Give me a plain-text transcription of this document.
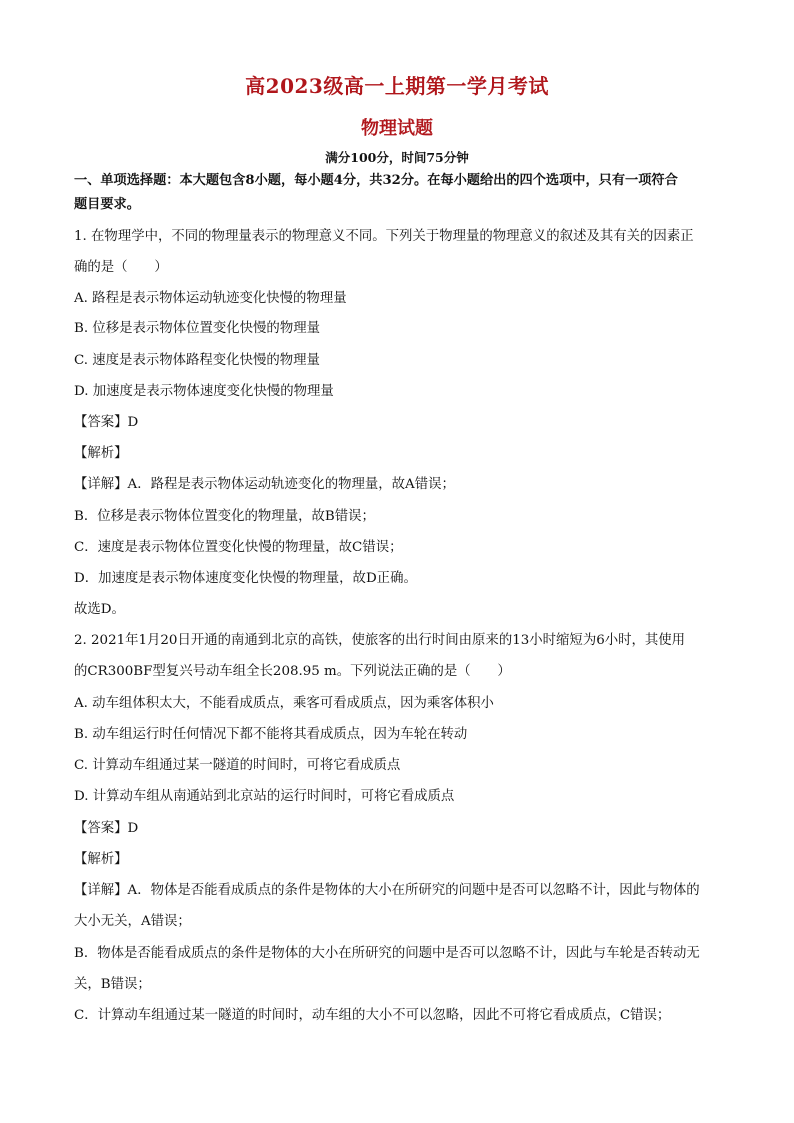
高2023级高一上期第一学月考试
物理试题
满分100分，时间75分钟
一、单项选择题：本大题包含8小题，每小题4分，共32分。在每小题给出的四个选项中，只有一项符合
题目要求。
1. 在物理学中，不同的物理量表示的物理意义不同。下列关于物理量的物理意义的叙述及其有关的因素正
确的是（　　）
A. 路程是表示物体运动轨迹变化快慢的物理量
B. 位移是表示物体位置变化快慢的物理量
C. 速度是表示物体路程变化快慢的物理量
D. 加速度是表示物体速度变化快慢的物理量
【答案】D
【解析】
【详解】A．路程是表示物体运动轨迹变化的物理量，故A错误；
B．位移是表示物体位置变化的物理量，故B错误；
C．速度是表示物体位置变化快慢的物理量，故C错误；
D．加速度是表示物体速度变化快慢的物理量，故D正确。
故选D。
2. 2021年1月20日开通的南通到北京的高铁，使旅客的出行时间由原来的13小时缩短为6小时，其使用
的CR300BF型复兴号动车组全长208.95 m。下列说法正确的是（　　）
A. 动车组体积太大，不能看成质点，乘客可看成质点，因为乘客体积小
B. 动车组运行时任何情况下都不能将其看成质点，因为车轮在转动
C. 计算动车组通过某一隧道的时间时，可将它看成质点
D. 计算动车组从南通站到北京站的运行时间时，可将它看成质点
【答案】D
【解析】
【详解】A．物体是否能看成质点的条件是物体的大小在所研究的问题中是否可以忽略不计，因此与物体的
大小无关，A错误；
B．物体是否能看成质点的条件是物体的大小在所研究的问题中是否可以忽略不计，因此与车轮是否转动无
关，B错误；
C．计算动车组通过某一隧道的时间时，动车组的大小不可以忽略，因此不可将它看成质点，C错误；
